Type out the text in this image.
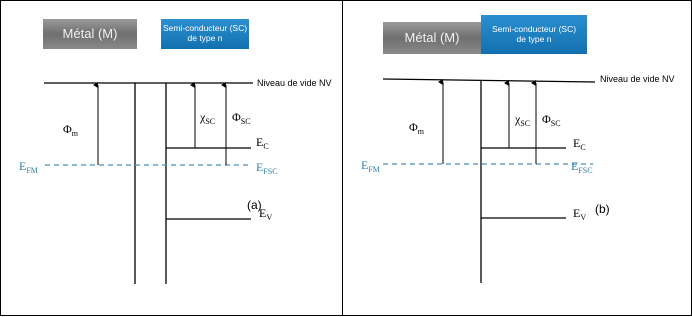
Métal (M)	Semi-conducteur (SC)
de type n
Niveau de vide NV
$\Phi_m$
$\chi_{SC}$ $\Phi_{SC}$
$E_C$
$E_{FM}$	$E_{FSC}$
$E_V$
(a)
Métal (M)
Semi-conducteur (SC)
de type n
Niveau de vide NV
$\Phi_m$
$\chi_{SC}$ $\Phi_{SC}$
$E_C$
$E_{FM}$	$E_{FSC}$
$E_V$
(b)
